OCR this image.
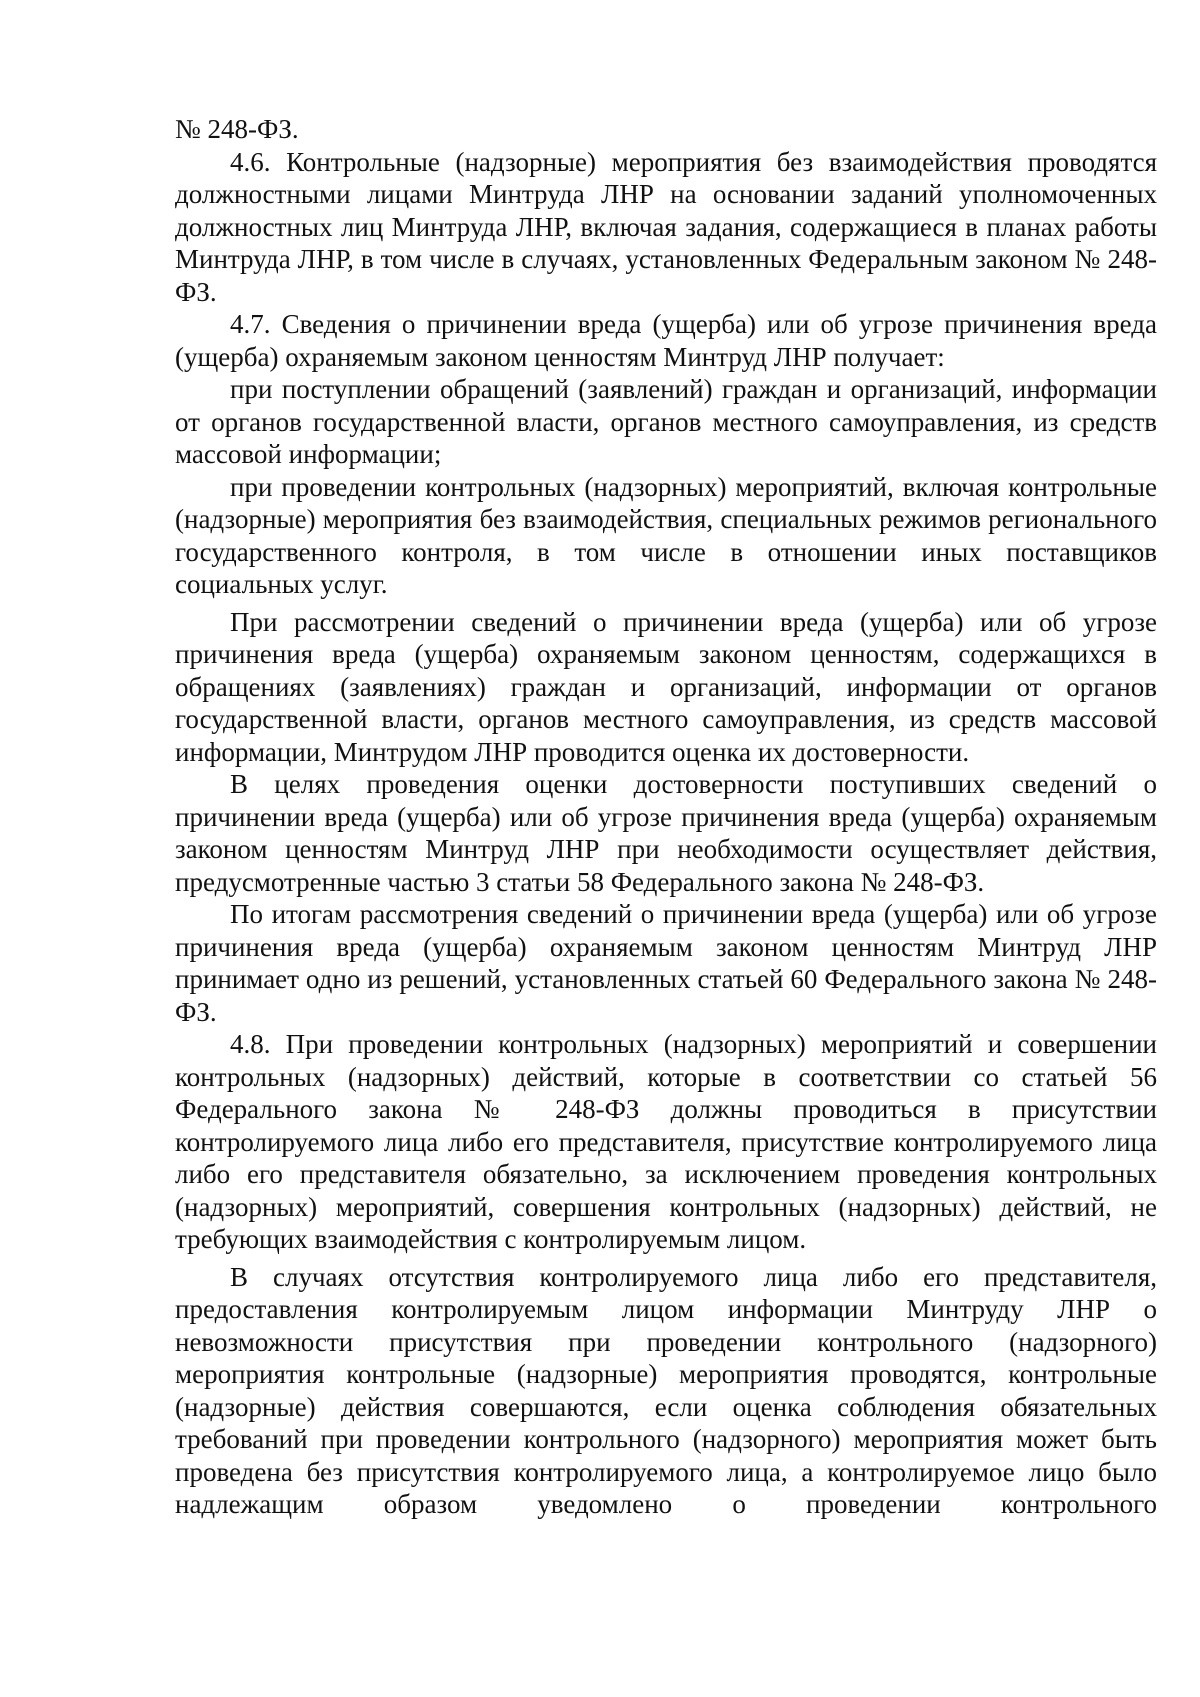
№ 248-ФЗ.

4.6. Контрольные (надзорные) мероприятия без взаимодействия проводятся должностными лицами Минтруда ЛНР на основании заданий уполномоченных должностных лиц Минтруда ЛНР, включая задания, содержащиеся в планах работы Минтруда ЛНР, в том числе в случаях, установленных Федеральным законом № 248-ФЗ.

4.7. Сведения о причинении вреда (ущерба) или об угрозе причинения вреда (ущерба) охраняемым законом ценностям Минтруд ЛНР получает:

при поступлении обращений (заявлений) граждан и организаций, информации от органов государственной власти, органов местного самоуправления, из средств массовой информации;

при проведении контрольных (надзорных) мероприятий, включая контрольные (надзорные) мероприятия без взаимодействия, специальных режимов регионального государственного контроля, в том числе в отношении иных поставщиков социальных услуг.

При рассмотрении сведений о причинении вреда (ущерба) или об угрозе причинения вреда (ущерба) охраняемым законом ценностям, содержащихся в обращениях (заявлениях) граждан и организаций, информации от органов государственной власти, органов местного самоуправления, из средств массовой информации, Минтрудом ЛНР проводится оценка их достоверности.

В целях проведения оценки достоверности поступивших сведений о причинении вреда (ущерба) или об угрозе причинения вреда (ущерба) охраняемым законом ценностям Минтруд ЛНР при необходимости осуществляет действия, предусмотренные частью 3 статьи 58 Федерального закона № 248-ФЗ.

По итогам рассмотрения сведений о причинении вреда (ущерба) или об угрозе причинения вреда (ущерба) охраняемым законом ценностям Минтруд ЛНР принимает одно из решений, установленных статьей 60 Федерального закона № 248-ФЗ.

4.8. При проведении контрольных (надзорных) мероприятий и совершении контрольных (надзорных) действий, которые в соответствии со статьей 56 Федерального закона № 248-ФЗ должны проводиться в присутствии контролируемого лица либо его представителя, присутствие контролируемого лица либо его представителя обязательно, за исключением проведения контрольных (надзорных) мероприятий, совершения контрольных (надзорных) действий, не требующих взаимодействия с контролируемым лицом.

В случаях отсутствия контролируемого лица либо его представителя, предоставления контролируемым лицом информации Минтруду ЛНР о невозможности присутствия при проведении контрольного (надзорного) мероприятия контрольные (надзорные) мероприятия проводятся, контрольные (надзорные) действия совершаются, если оценка соблюдения обязательных требований при проведении контрольного (надзорного) мероприятия может быть проведена без присутствия контролируемого лица, а контролируемое лицо было надлежащим образом уведомлено о проведении контрольного
